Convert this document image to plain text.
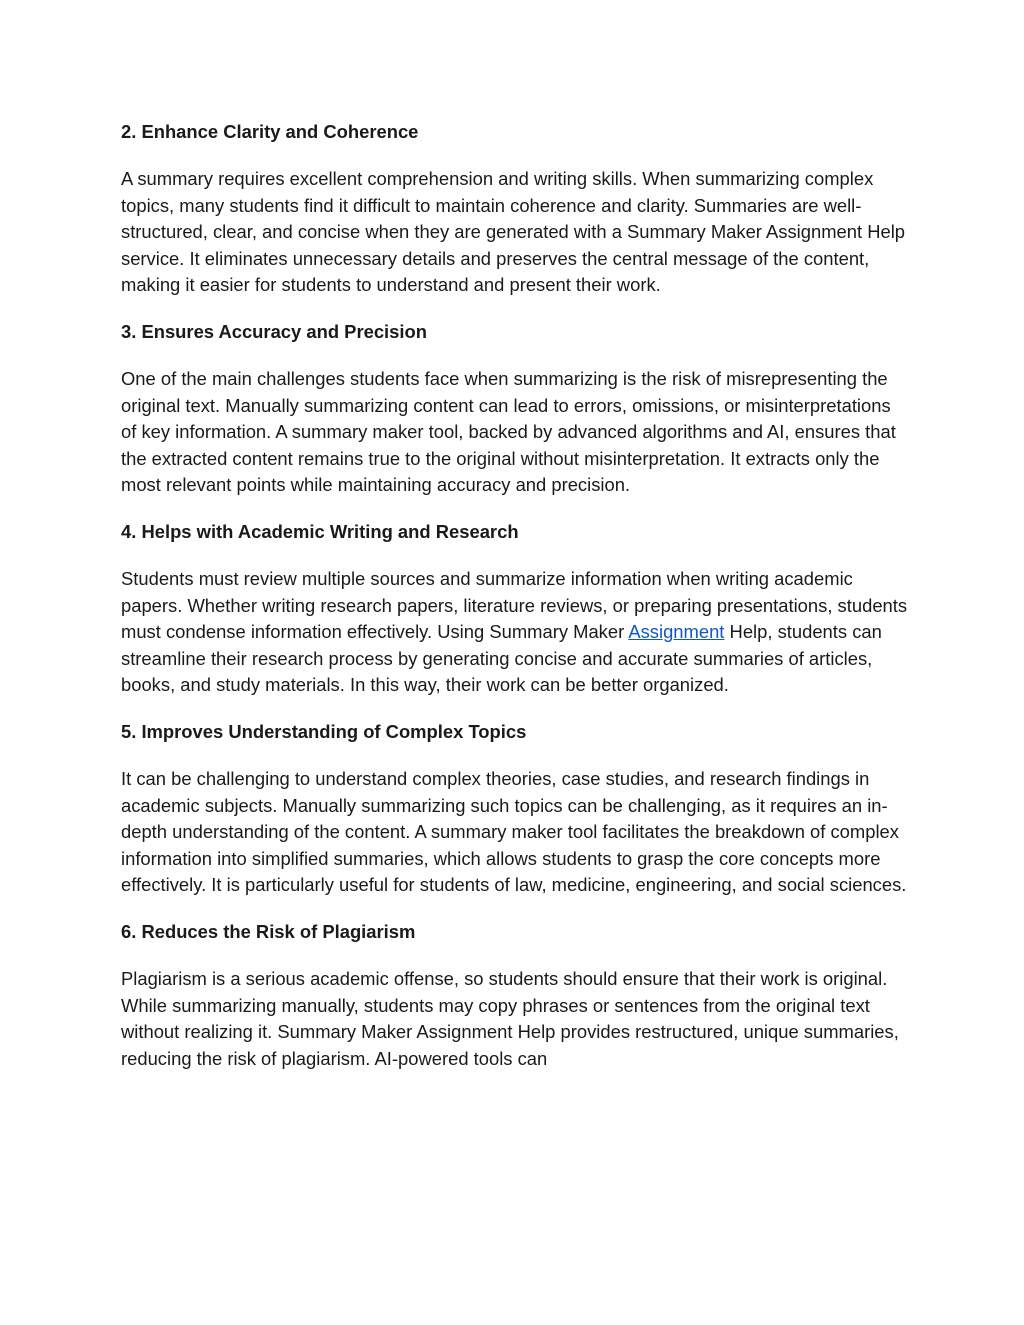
2. Enhance Clarity and Coherence

A summary requires excellent comprehension and writing skills. When summarizing complex topics, many students find it difficult to maintain coherence and clarity. Summaries are well-structured, clear, and concise when they are generated with a Summary Maker Assignment Help service. It eliminates unnecessary details and preserves the central message of the content, making it easier for students to understand and present their work.

3. Ensures Accuracy and Precision

One of the main challenges students face when summarizing is the risk of misrepresenting the original text. Manually summarizing content can lead to errors, omissions, or misinterpretations of key information. A summary maker tool, backed by advanced algorithms and AI, ensures that the extracted content remains true to the original without misinterpretation. It extracts only the most relevant points while maintaining accuracy and precision.

4. Helps with Academic Writing and Research

Students must review multiple sources and summarize information when writing academic papers. Whether writing research papers, literature reviews, or preparing presentations, students must condense information effectively. Using Summary Maker Assignment Help, students can streamline their research process by generating concise and accurate summaries of articles, books, and study materials. In this way, their work can be better organized.

5. Improves Understanding of Complex Topics

It can be challenging to understand complex theories, case studies, and research findings in academic subjects. Manually summarizing such topics can be challenging, as it requires an in-depth understanding of the content. A summary maker tool facilitates the breakdown of complex information into simplified summaries, which allows students to grasp the core concepts more effectively. It is particularly useful for students of law, medicine, engineering, and social sciences.

6. Reduces the Risk of Plagiarism

Plagiarism is a serious academic offense, so students should ensure that their work is original. While summarizing manually, students may copy phrases or sentences from the original text without realizing it. Summary Maker Assignment Help provides restructured, unique summaries, reducing the risk of plagiarism. AI-powered tools can
